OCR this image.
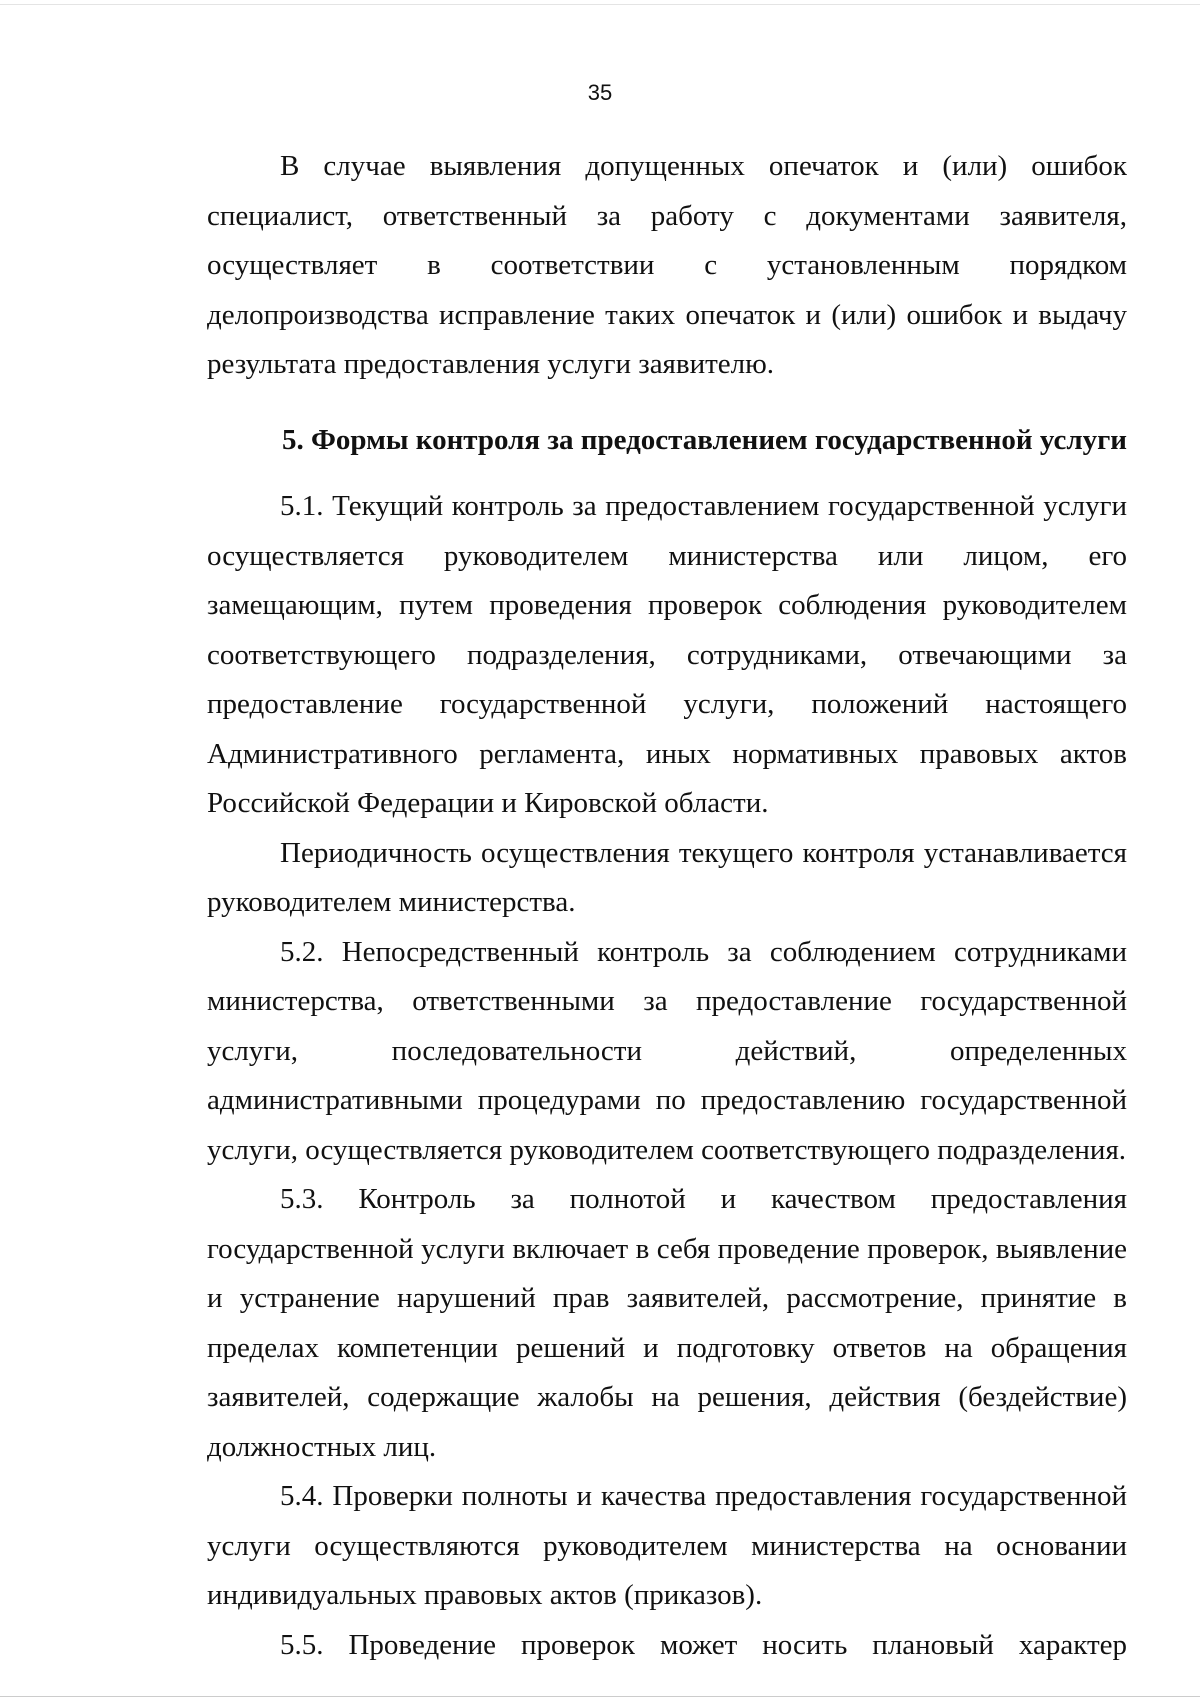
35

В случае выявления допущенных опечаток и (или) ошибок специалист, ответственный за работу с документами заявителя, осуществляет в соответствии с установленным порядком делопроизводства исправление таких опечаток и (или) ошибок и выдачу результата предоставления услуги заявителю.

5. Формы контроля за предоставлением государственной услуги

5.1. Текущий контроль за предоставлением государственной услуги осуществляется руководителем министерства или лицом, его замещающим, путем проведения проверок соблюдения руководителем соответствующего подразделения, сотрудниками, отвечающими за предоставление государственной услуги, положений настоящего Административного регламента, иных нормативных правовых актов Российской Федерации и Кировской области.

Периодичность осуществления текущего контроля устанавливается руководителем министерства.

5.2. Непосредственный контроль за соблюдением сотрудниками министерства, ответственными за предоставление государственной услуги, последовательности действий, определенных административными процедурами по предоставлению государственной услуги, осуществляется руководителем соответствующего подразделения.

5.3. Контроль за полнотой и качеством предоставления государственной услуги включает в себя проведение проверок, выявление и устранение нарушений прав заявителей, рассмотрение, принятие в пределах компетенции решений и подготовку ответов на обращения заявителей, содержащие жалобы на решения, действия (бездействие) должностных лиц.

5.4. Проверки полноты и качества предоставления государственной услуги осуществляются руководителем министерства на основании индивидуальных правовых актов (приказов).

5.5. Проведение проверок может носить плановый характер
